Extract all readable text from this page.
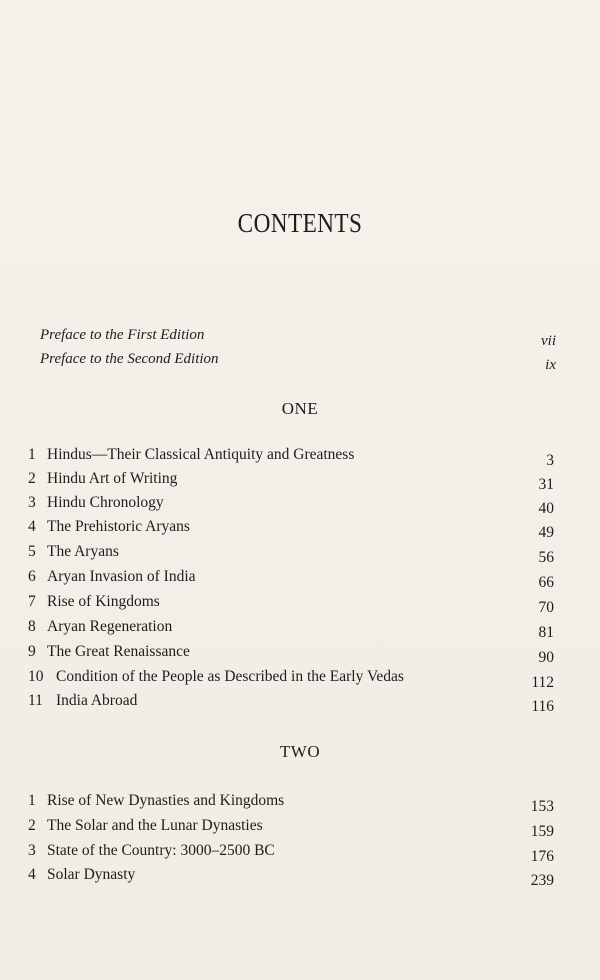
CONTENTS
Preface to the First Edition	vii
Preface to the Second Edition	ix
ONE
1 Hindus—Their Classical Antiquity and Greatness	3
2 Hindu Art of Writing	31
3 Hindu Chronology	40
4 The Prehistoric Aryans	49
5 The Aryans	56
6 Aryan Invasion of India	66
7 Rise of Kingdoms	70
8 Aryan Regeneration	81
9 The Great Renaissance	90
10 Condition of the People as Described in the Early Vedas	112
11 India Abroad	116
TWO
1 Rise of New Dynasties and Kingdoms	153
2 The Solar and the Lunar Dynasties	159
3 State of the Country: 3000–2500 BC	176
4 Solar Dynasty	239
